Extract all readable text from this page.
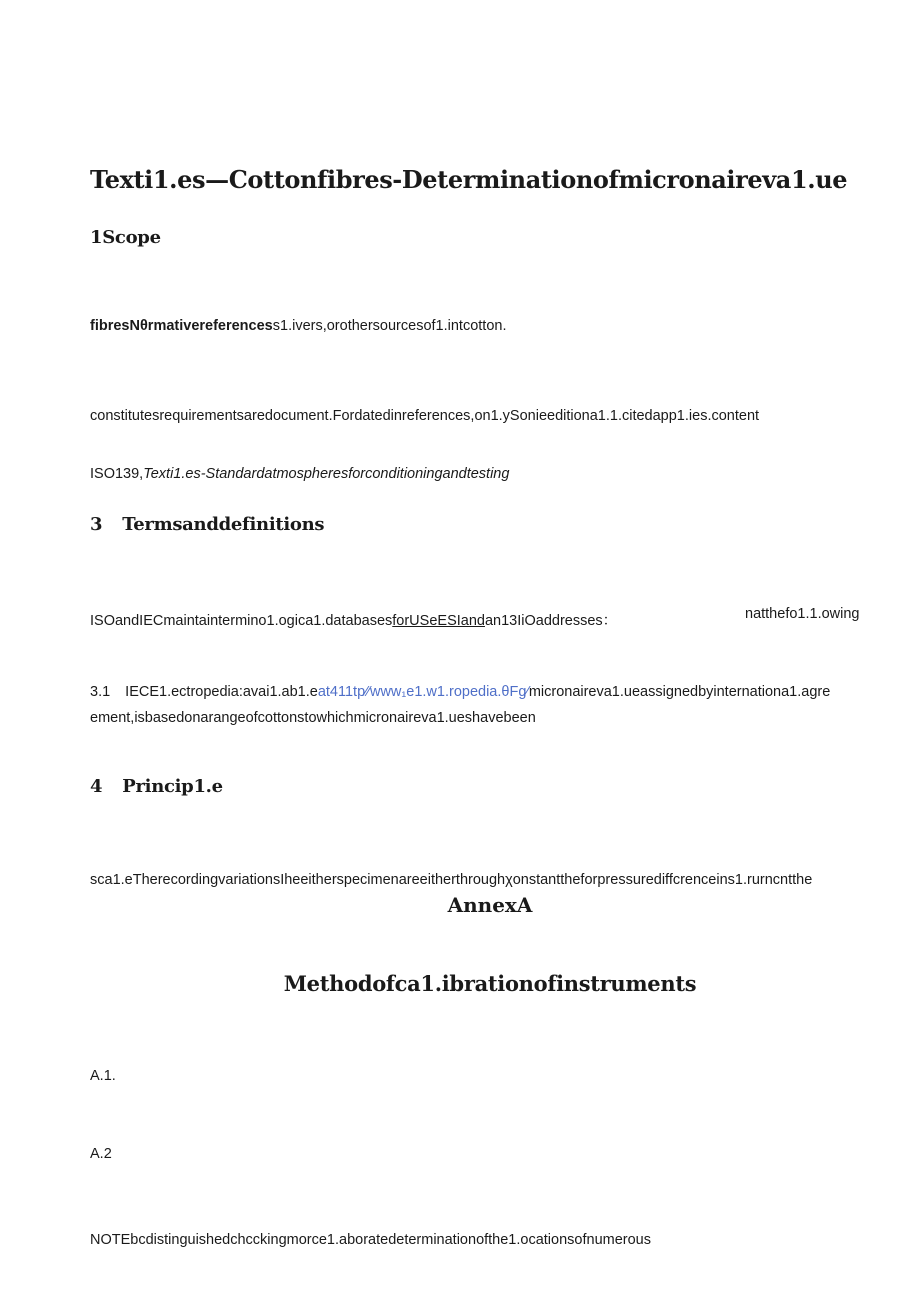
Texti1.es—Cottonfibres-Determinationofmicronaireva1.ue
1Scope
fibresNθrmativereferencess1.ivers,orothersourcesof1.intcotton.
constitutesrequirementsaredocument.Fordatedinreferences,on1.ySonieeditiona1.1.citedapp1.ies.content
ISO139,Texti1.es-Standardatmospheresforconditioningandtesting
3 Termsanddefinitions
ISOandIECmaintaintermino1.ogica1.databasesforUSeESIandan13IiOaddresses：	natthefo1.1.owing
3.1 IECE1.ectropedia:avai1.ab1.eat411tp⁄⁄www₁e1.w1.ropedia.θFg⁄micronaireva1.ueassignedbyinternationa1.agre
ement,isbasedonarangeofcottonstowhichmicronaireva1.ueshavebeen
4 Princip1.e
sca1.eTherecordingvariationsIheeitherspecimenareeitherthroughχonstanttheforpressurediffcrenceins1.rurncntthe
AnnexA
Methodofca1.ibrationofinstruments
A.1.
A.2
NOTEbcdistinguishedchcckingmorce1.aboratedeterminationofthe1.ocationsofnumerous
